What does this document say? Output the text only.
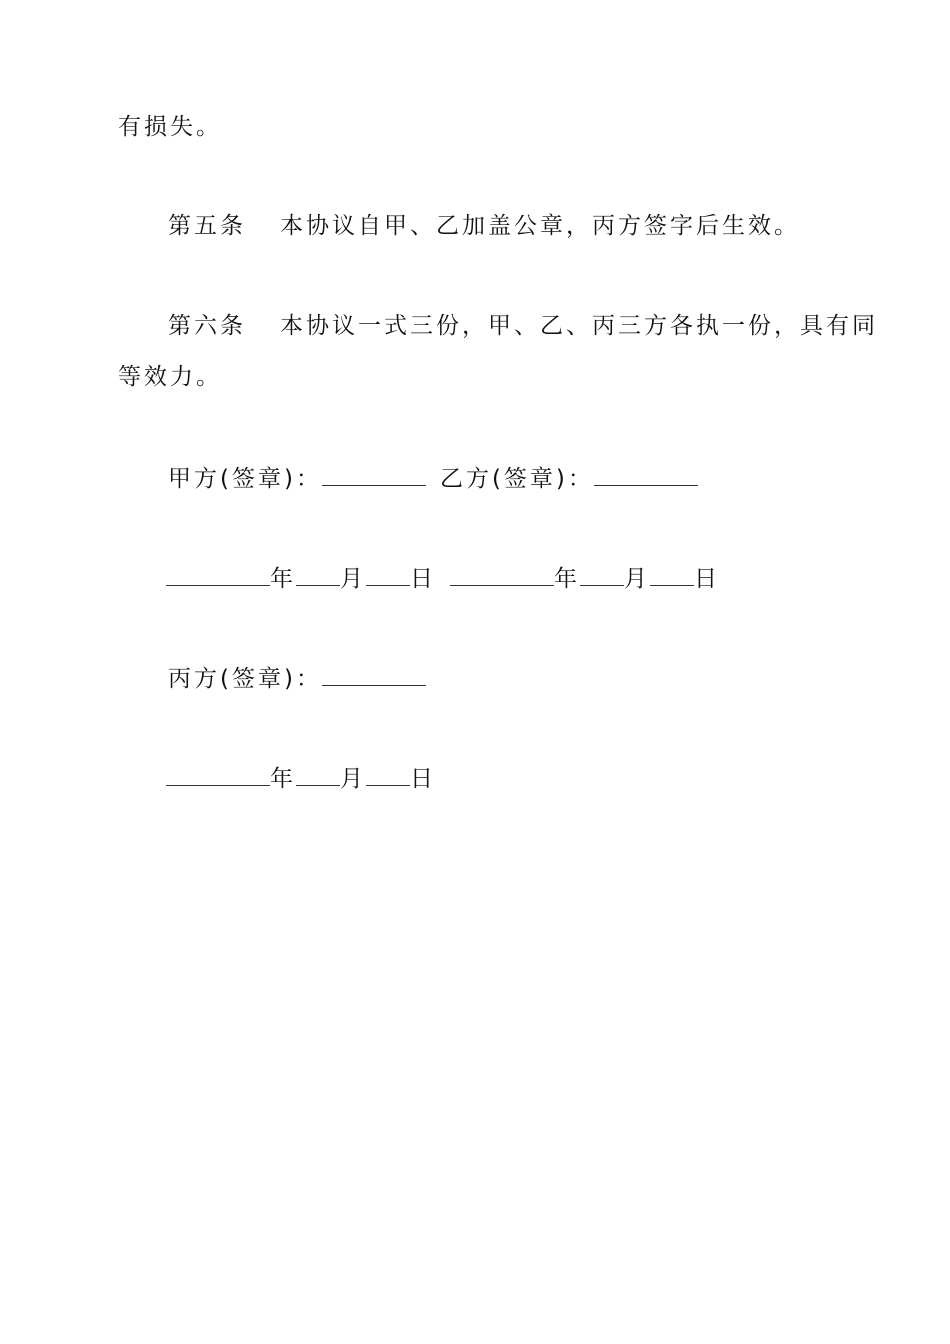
有损失。
第五条 本协议自甲、乙加盖公章，丙方签字后生效。
第六条 本协议一式三份，甲、乙、丙三方各执一份，具有同
等效力。
甲方(签章)：	乙方(签章)：
年 月 日	年 月 日
丙方(签章)：
年 月 日
